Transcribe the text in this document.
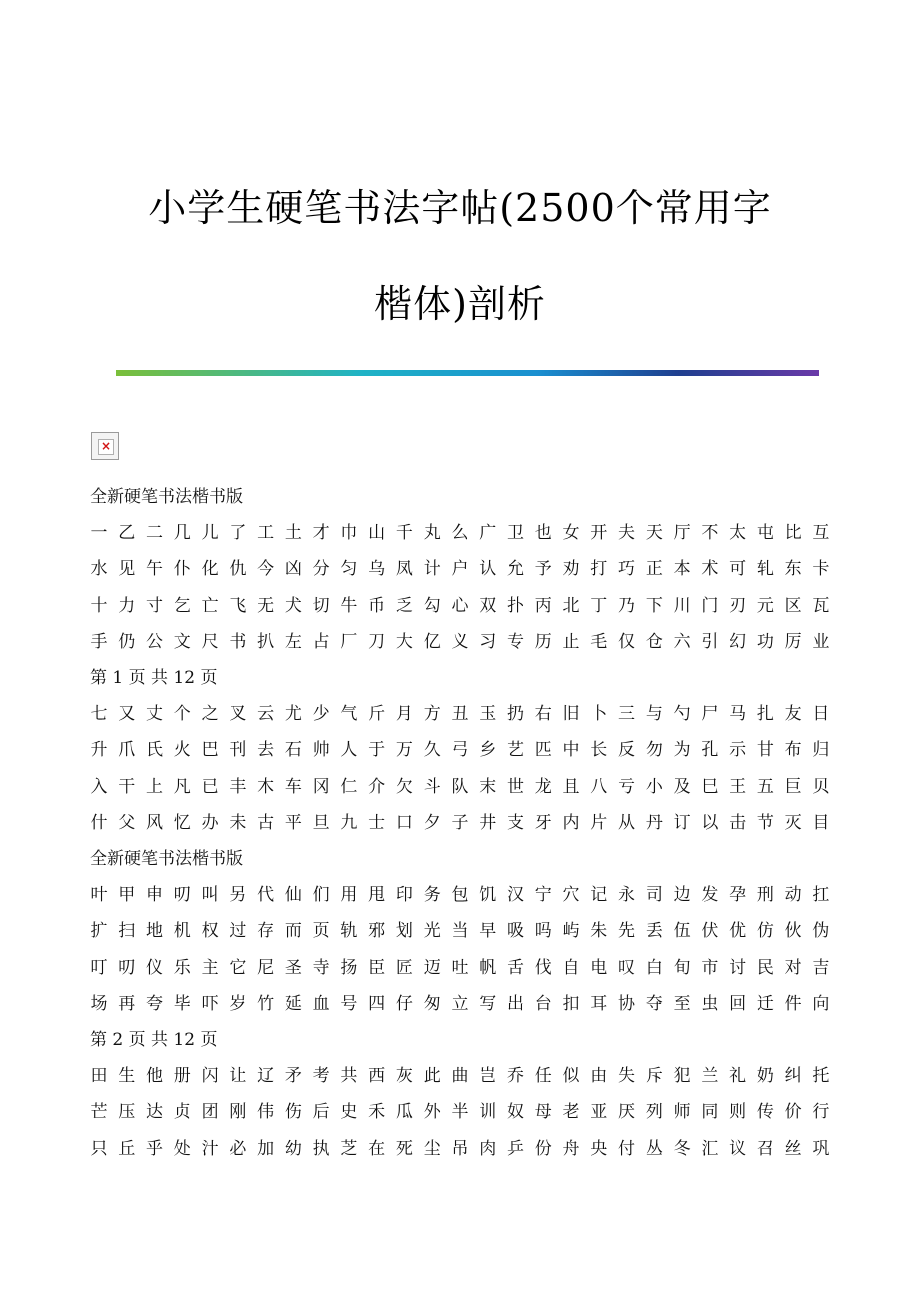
小学生硬笔书法字帖(2500个常用字
楷体)剖析
×
全新硬笔书法楷书版
一 乙 二 几 儿 了 工 土 才 巾 山 千 丸 么 广 卫 也 女 开 夫 天 厅 不 太 屯 比 互
水 见 午 仆 化 仇 今 凶 分 匀 乌 凤 计 户 认 允 予 劝 打 巧 正 本 术 可 轧 东 卡
十 力 寸 乞 亡 飞 无 犬 切 牛 币 乏 勾 心 双 扑 丙 北 丁 乃 下 川 门 刃 元 区 瓦
手 仍 公 文 尺 书 扒 左 占 厂 刀 大 亿 义 习 专 历 止 毛 仅 仓 六 引 幻 功 厉 业
第 1 页 共 12 页
七 又 丈 个 之 叉 云 尤 少 气 斤 月 方 丑 玉 扔 右 旧 卜 三 与 勺 尸 马 扎 友 日
升 爪 氏 火 巴 刊 去 石 帅 人 于 万 久 弓 乡 艺 匹 中 长 反 勿 为 孔 示 甘 布 归
入 干 上 凡 已 丰 木 车 冈 仁 介 欠 斗 队 末 世 龙 且 八 亏 小 及 巳 王 五 巨 贝
什 父 风 忆 办 未 古 平 旦 九 士 口 夕 子 井 支 牙 内 片 从 丹 订 以 击 节 灭 目
全新硬笔书法楷书版
叶 甲 申 叨 叫 另 代 仙 们 用 甩 印 务 包 饥 汉 宁 穴 记 永 司 边 发 孕 刑 动 扛
扩 扫 地 机 权 过 存 而 页 轨 邪 划 光 当 早 吸 吗 屿 朱 先 丢 伍 伏 优 仿 伙 伪
叮 叨 仪 乐 主 它 尼 圣 寺 扬 臣 匠 迈 吐 帆 舌 伐 自 电 叹 白 旬 市 讨 民 对 吉
场 再 夸 毕 吓 岁 竹 延 血 号 四 仔 匆 立 写 出 台 扣 耳 协 夺 至 虫 回 迁 件 向
第 2 页 共 12 页
田 生 他 册 闪 让 辽 矛 考 共 西 灰 此 曲 岂 乔 任 似 由 失 斥 犯 兰 礼 奶 纠 托
芒 压 达 贞 团 刚 伟 伤 后 史 禾 瓜 外 半 训 奴 母 老 亚 厌 列 师 同 则 传 价 行
只 丘 乎 处 汁 必 加 幼 执 芝 在 死 尘 吊 肉 乒 份 舟 央 付 丛 冬 汇 议 召 丝 巩
